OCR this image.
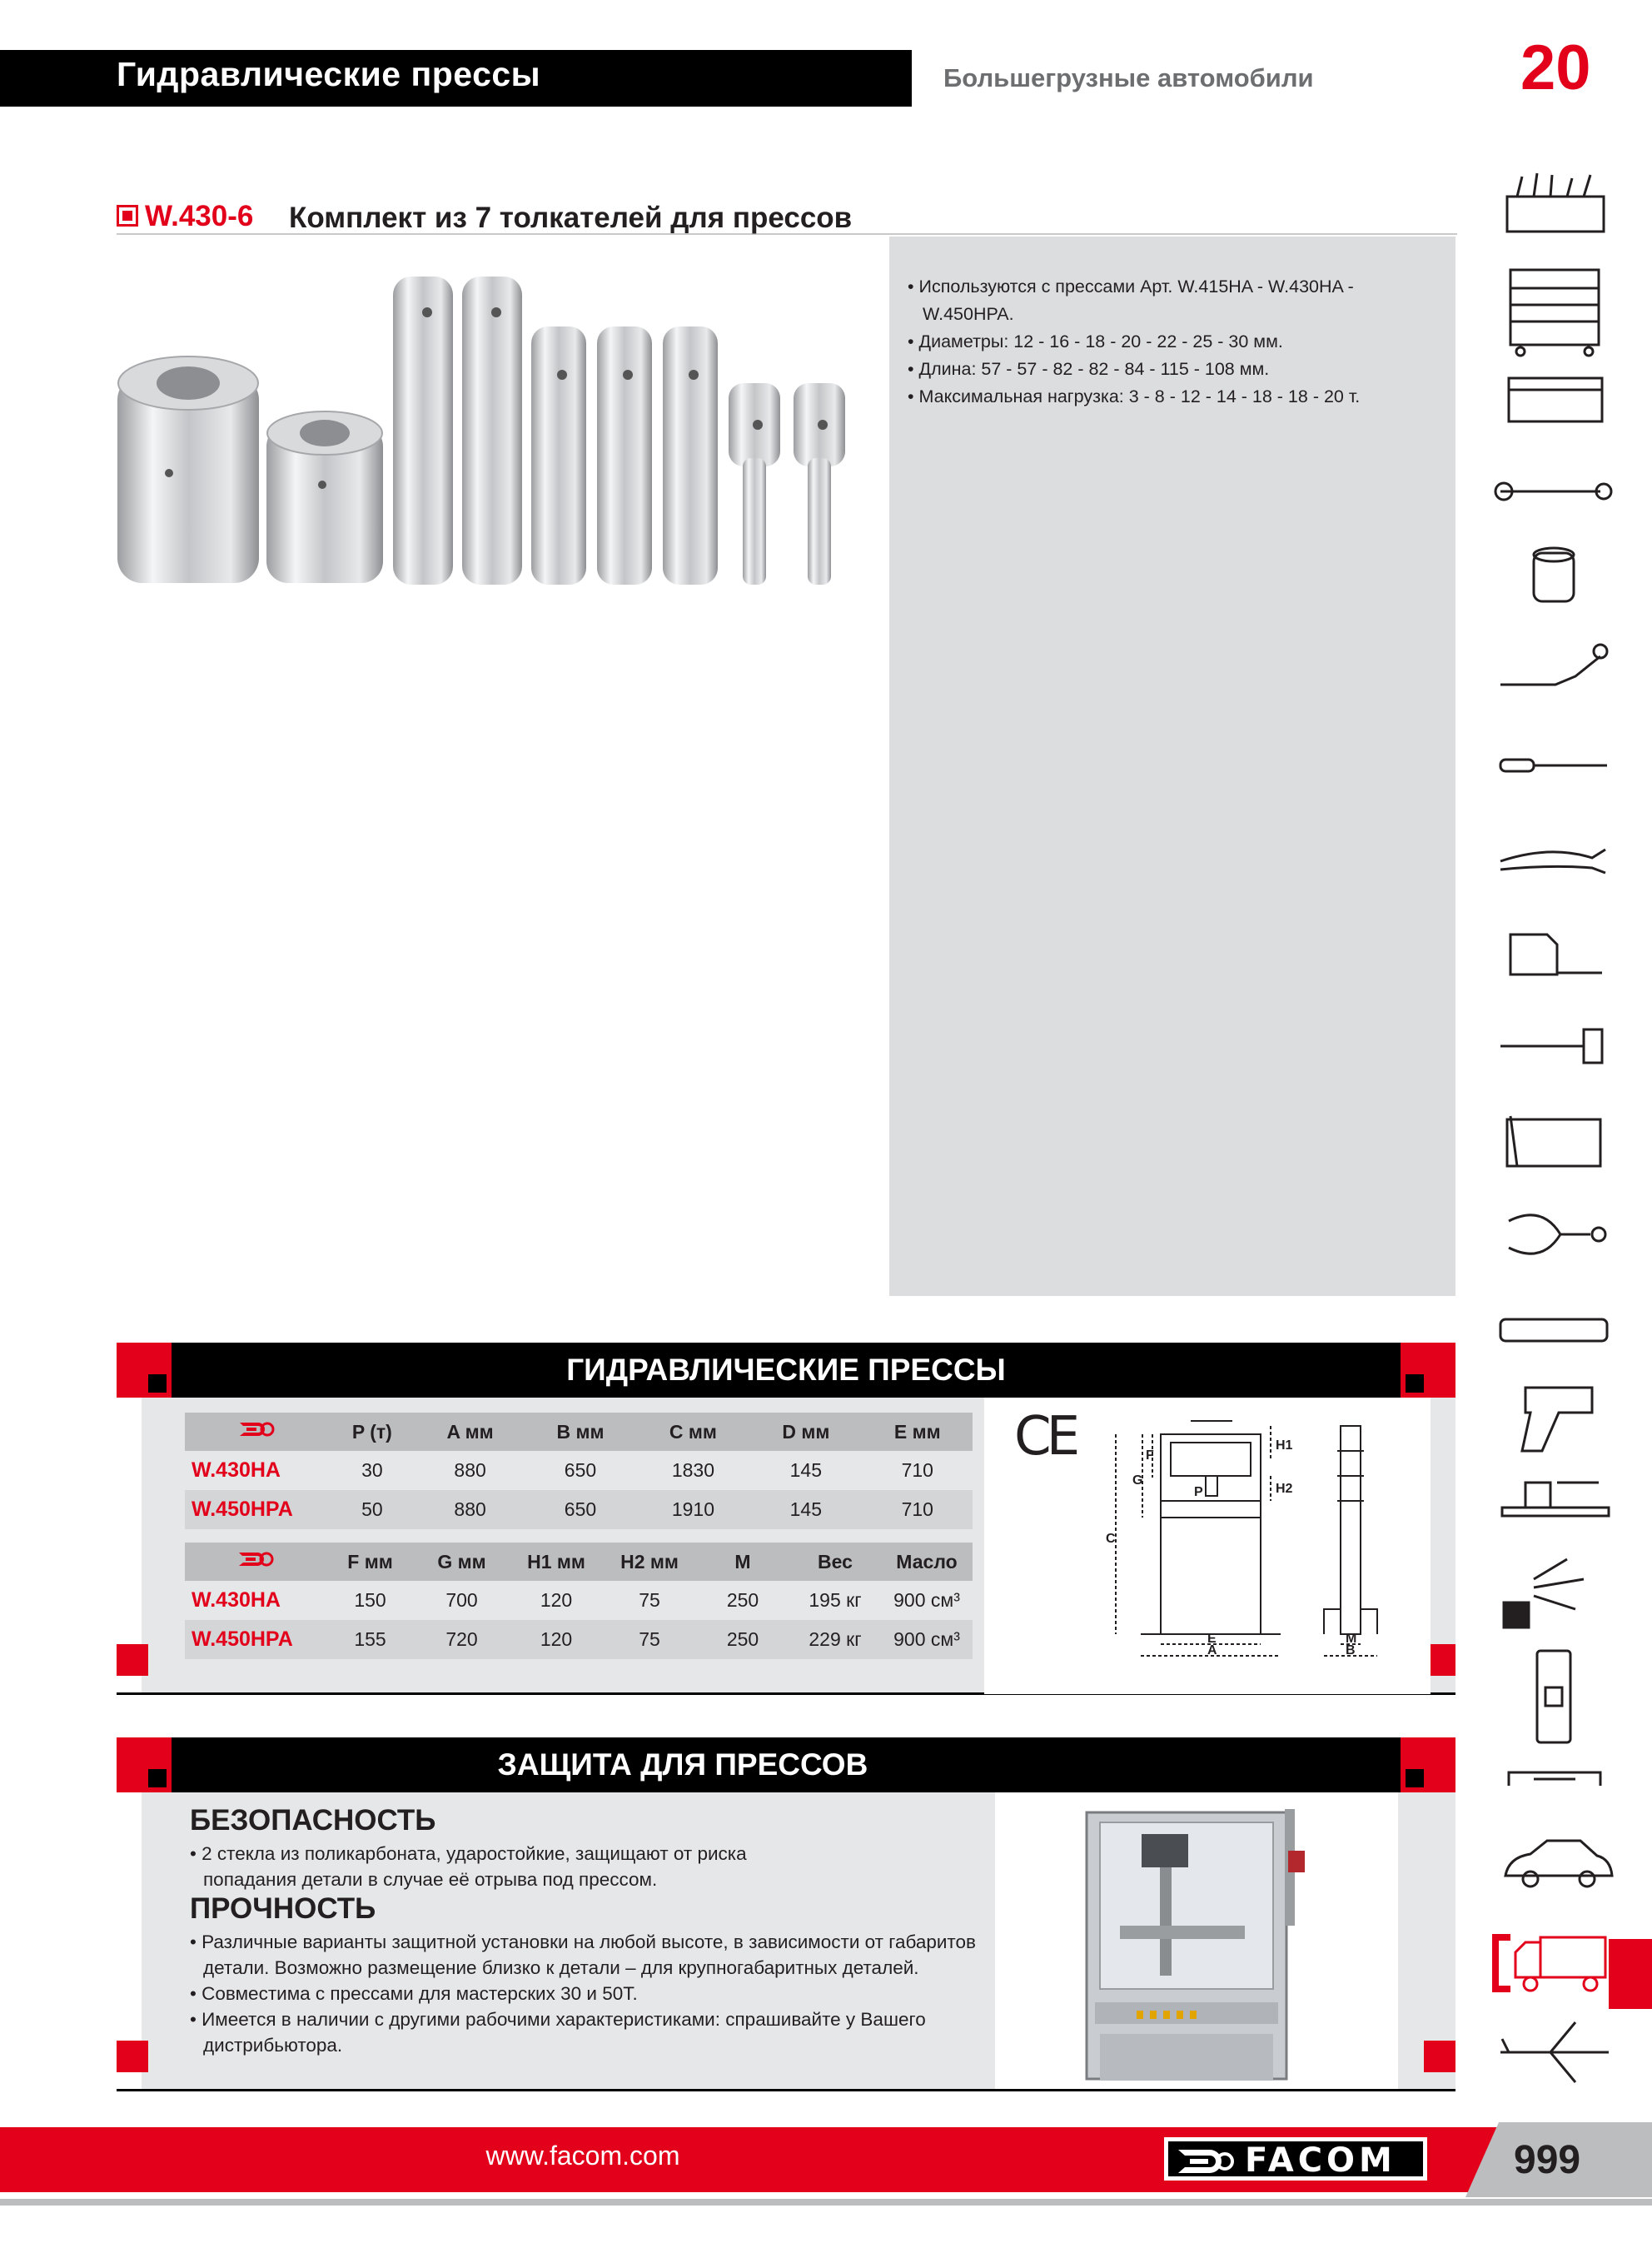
Гидравлические прессы	Большегрузные автомобили	20
W.430-6 Комплект из 7 толкателей для прессов
• Используются с прессами Арт. W.415HA - W.430HA - W.450HPA.
• Диаметры: 12 - 16 - 18 - 20 - 22 - 25 - 30 мм.
• Длина: 57 - 57 - 82 - 82 - 84 - 115 - 108 мм.
• Максимальная нагрузка: 3 - 8 - 12 - 14 - 18 - 18 - 20 т.
ГИДРАВЛИЧЕСКИЕ ПРЕССЫ
	P (т)	A мм	B мм	C мм	D мм	E мм
W.430HA	30	880	650	1830	145	710
W.450HPA	50	880	650	1910	145	710
	F мм	G мм	H1 мм	H2 мм	M	Вес	Масло
W.430HA	150	700	120	75	250	195 кг	900 см³
W.450HPA	155	720	120	75	250	229 кг	900 см³
CE
C
G
F
P
H1
H2
E
A
M
B
ЗАЩИТА ДЛЯ ПРЕССОВ
БЕЗОПАСНОСТЬ
• 2 стекла из поликарбоната, ударостойкие, защищают от риска
попадания детали в случае её отрыва под прессом.
ПРОЧНОСТЬ
• Различные варианты защитной установки на любой высоте, в зависимости от габаритов
детали. Возможно размещение близко к детали – для крупногабаритных деталей.
• Совместима с прессами для мастерских 30 и 50Т.
• Имеется в наличии с другими рабочими характеристиками: спрашивайте у Вашего
дистрибьютора.
www.facom.com	FACOM	999
